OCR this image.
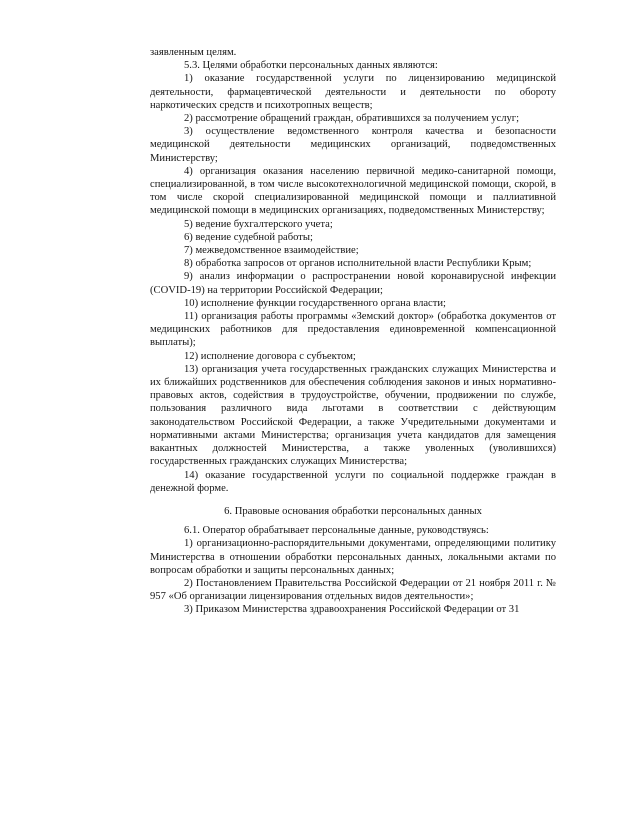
заявленным целям.

5.3. Целями обработки персональных данных являются:

1) оказание государственной услуги по лицензированию медицинской деятельности, фармацевтической деятельности и деятельности по обороту наркотических средств и психотропных веществ;

2) рассмотрение обращений граждан, обратившихся за получением услуг;

3) осуществление ведомственного контроля качества и безопасности медицинской деятельности медицинских организаций, подведомственных Министерству;

4) организация оказания населению первичной медико-санитарной помощи, специализированной, в том числе высокотехнологичной медицинской помощи, скорой, в том числе скорой специализированной медицинской помощи и паллиативной медицинской помощи в медицинских организациях, подведомственных Министерству;

5) ведение бухгалтерского учета;

6) ведение судебной работы;

7) межведомственное взаимодействие;

8) обработка запросов от органов исполнительной власти Республики Крым;

9) анализ информации о распространении новой коронавирусной инфекции (COVID-19) на территории Российской Федерации;

10) исполнение функции государственного органа власти;

11) организация работы программы «Земский доктор» (обработка документов от медицинских работников для предоставления единовременной компенсационной выплаты);

12) исполнение договора с субъектом;

13) организация учета государственных гражданских служащих Министерства и их ближайших родственников для обеспечения соблюдения законов и иных нормативно-правовых актов, содействия в трудоустройстве, обучении, продвижении по службе, пользования различного вида льготами в соответствии с действующим законодательством Российской Федерации, а также Учредительными документами и нормативными актами Министерства; организация учета кандидатов для замещения вакантных должностей Министерства, а также уволенных (уволившихся) государственных гражданских служащих Министерства;

14) оказание государственной услуги по социальной поддержке граждан в денежной форме.

6. Правовые основания обработки персональных данных

6.1. Оператор обрабатывает персональные данные, руководствуясь:

1) организационно-распорядительными документами, определяющими политику Министерства в отношении обработки персональных данных, локальными актами по вопросам обработки и защиты персональных данных;

2) Постановлением Правительства Российской Федерации от 21 ноября 2011 г. № 957 «Об организации лицензирования отдельных видов деятельности»;

3) Приказом Министерства здравоохранения Российской Федерации от 31
